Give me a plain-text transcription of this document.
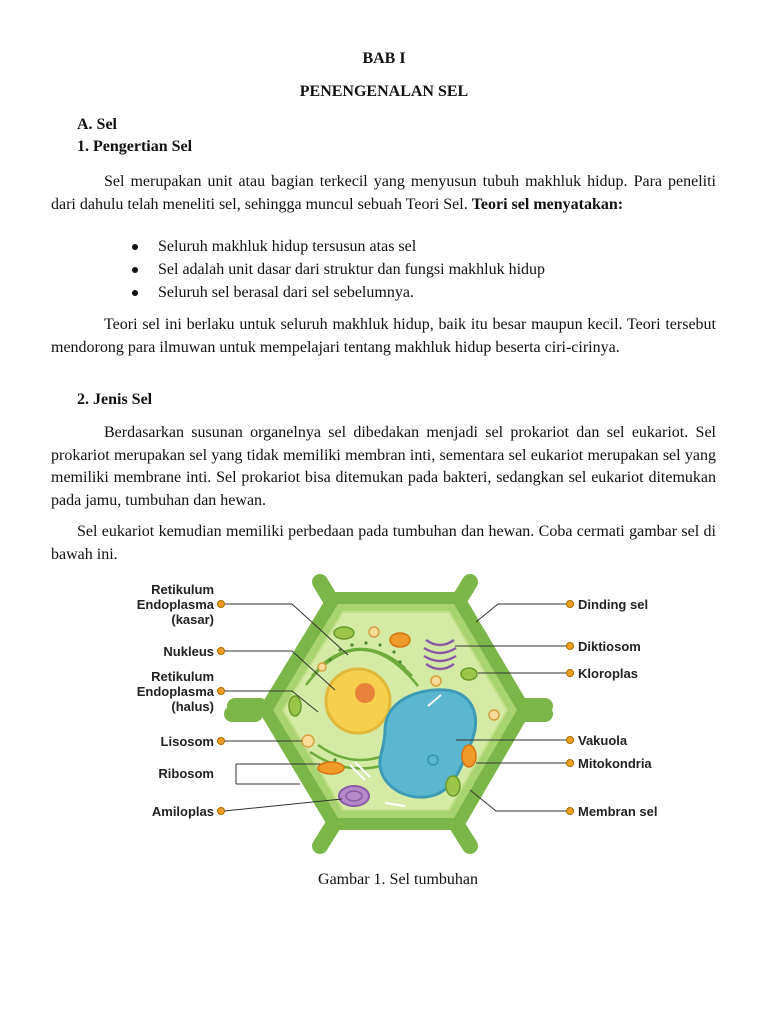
BAB I
PENENGENALAN SEL
A. Sel
1. Pengertian Sel
Sel merupakan unit atau bagian terkecil yang menyusun tubuh makhluk hidup. Para peneliti dari dahulu telah meneliti sel, sehingga muncul sebuah Teori Sel. Teori sel menyatakan:
Seluruh makhluk hidup tersusun atas sel
Sel adalah unit dasar dari struktur dan fungsi makhluk hidup
Seluruh sel berasal dari sel sebelumnya.
Teori sel ini berlaku untuk seluruh makhluk hidup, baik itu besar maupun kecil. Teori tersebut mendorong para ilmuwan untuk mempelajari tentang makhluk hidup beserta ciri-cirinya.
2. Jenis Sel
Berdasarkan susunan organelnya sel dibedakan menjadi sel prokariot dan sel eukariot. Sel prokariot merupakan sel yang tidak memiliki membran inti, sementara sel eukariot merupakan sel yang memiliki membrane inti. Sel prokariot bisa ditemukan pada bakteri, sedangkan sel eukariot ditemukan pada jamu, tumbuhan dan hewan.
Sel eukariot kemudian memiliki perbedaan pada tumbuhan dan hewan. Coba cermati gambar sel di bawah ini.
Retikulum
Endoplasma
(kasar)
Nukleus
Retikulum
Endoplasma
(halus)
Lisosom
Ribosom
Amiloplas
Dinding sel
Diktiosom
Kloroplas
Vakuola
Mitokondria
Membran sel
Gambar 1. Sel tumbuhan
